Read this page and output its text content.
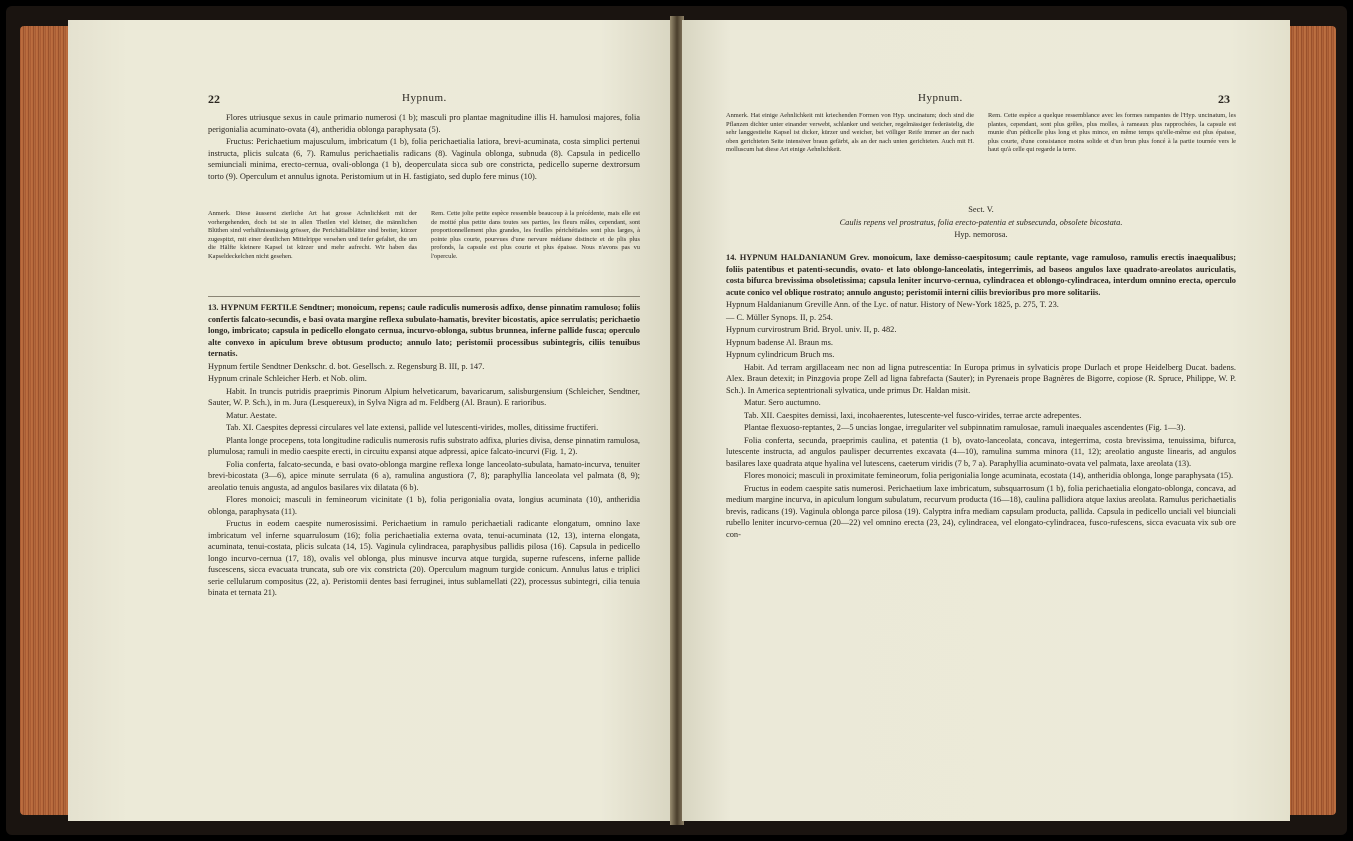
22	Hypnum.

Flores utriusque sexus in caule primario numerosi (1 b); masculi pro plantae magnitudine illis H. hamulosi majores, folia perigonialia acuminato-ovata (4), antheridia oblonga paraphysata (5).

Fructus: Perichaetium majusculum, imbricatum (1 b), folia perichaetialia latiora, brevi-acuminata, costa simplici pertenui instructa, plicis sulcata (6, 7). Ramulus perichaetialis radicans (8). Vaginula oblonga, subnuda (8). Capsula in pedicello semiunciali minima, erecto-cernua, ovali-oblonga (1 b), deoperculata sicca sub ore constricta, pedicello superne dextrorsum torto (9). Operculum et annulus ignota. Peristomium ut in H. fastigiato, sed duplo fere minus (10).

Anmerk. Diese äusserst zierliche Art hat grosse Achnlichkeit mit der vorhergehenden, doch ist sie in allen Theilen viel kleiner, die männlichen Blüthen sind verhältnissmässig grösser, die Perichätialblätter sind breiter, kürzer zugespitzt, mit einer deutlichen Mittelrippe versehen und tiefer gefaltet, die um die Hälfte kleinere Kapsel ist kürzer und mehr aufrecht. Wir haben das Kapseldeckelchen nicht gesehen.
Rem. Cette jolie petite espèce ressemble beaucoup à la précédente, mais elle est de moitié plus petite dans toutes ses parties, les fleurs mâles, cependant, sont proportionnellement plus grandes, les feuilles périchétiales sont plus larges, à pointe plus courte, pourvues d'une nervure médiane distincte et de plis plus profonds, la capsule est plus courte et plus épaisse. Nous n'avons pas vu l'opercule.

13. HYPNUM FERTILE Sendtner; monoicum, repens; caule radiculis numerosis adfixo, dense pinnatim ramuloso; foliis confertis falcato-secundis, e basi ovata margine reflexa subulato-hamatis, breviter bicostatis, apice serrulatis; perichaetio longo, imbricato; capsula in pedicello elongato cernua, incurvo-oblonga, subtus brunnea, inferne pallide fusca; operculo alte convexo in apiculum breve obtusum producto; annulo lato; peristomii processibus subintegris, ciliis tenuibus ternatis.

Hypnum fertile Sendtner Denkschr. d. bot. Gesellsch. z. Regensburg B. III, p. 147.

Hypnum crinale Schleicher Herb. et Nob. olim.

Habit. In truncis putridis praeprimis Pinorum Alpium helveticarum, bavaricarum, salisburgensium (Schleicher, Sendtner, Sauter, W. P. Sch.), in m. Jura (Lesquereux), in Sylva Nigra ad m. Feldberg (Al. Braun). E rarioribus.

Matur. Aestate.

Tab. XI. Caespites depressi circulares vel late extensi, pallide vel lutescenti-virides, molles, ditissime fructiferi.

Planta longe procepens, tota longitudine radiculis numerosis rufis substrato adfixa, pluries divisa, dense pinnatim ramulosa, plumulosa; ramuli in medio caespite erecti, in circuitu expansi atque adpressi, apice falcato-incurvi (Fig. 1, 2).

Folia conferta, falcato-secunda, e basi ovato-oblonga margine reflexa longe lanceolato-subulata, hamato-incurva, tenuiter brevi-bicostata (3—6), apice minute serrulata (6 a), ramulina angustiora (7, 8); paraphyllia lanceolata vel palmata (8, 9); areolatio tenuis angusta, ad angulos basilares vix dilatata (6 b).

Flores monoici; masculi in femineorum vicinitate (1 b), folia perigonialia ovata, longius acuminata (10), antheridia oblonga, paraphysata (11).

Fructus in eodem caespite numerosissimi. Perichaetium in ramulo perichaetiali radicante elongatum, omnino laxe imbricatum vel inferne squarrulosum (16); folia perichaetialia externa ovata, tenui-acuminata (12, 13), interna elongata, acuminata, tenui-costata, plicis sulcata (14, 15). Vaginula cylindracea, paraphysibus pallidis pilosa (16). Capsula in pedicello longo incurvo-cernua (17, 18), ovalis vel oblonga, plus minusve incurva atque turgida, superne rufescens, inferne pallide fuscescens, sicca evacuata truncata, sub ore vix constricta (20). Operculum magnum turgide conicum. Annulus latus e triplici serie cellularum compositus (22, a). Peristomii dentes basi ferruginei, intus sublamellati (22), processus subintegri, cilia tenuia binata et ternata 21).

Hypnum.	23
Anmerk. Hat einige Aehnlichkeit mit kriechenden Formen von Hyp. uncinatum; doch sind die Pflanzen dichter unter einander verwebt, schlanker und weicher, regelmässiger federästelig, die sehr langgestielte Kapsel ist dicker, kürzer und weicher, bei völliger Reife immer an der nach oben gerichteten Seite intensiver braun gefärbt, als an der nach unten gerichteten. Auch mit H. molluscum hat diese Art einige Aehnlichkeit.
Rem. Cette espèce a quelque ressemblance avec les formes rampantes de l'Hyp. uncinatum, les plantes, cependant, sont plus grêles, plus molles, à rameaux plus rapprochées, la capsule est munie d'un pédicelle plus long et plus mince, en même temps qu'elle-même est plus épaisse, plus courte, d'une consistance moins solide et d'un brun plus foncé à la partie tournée vers le haut qu'à celle qui regarde la terre.

Sect. V.

Caulis repens vel prostratus, folia erecto-patentia et subsecunda, obsolete bicostata.

Hyp. nemorosa.

14. HYPNUM HALDANIANUM Grev. monoicum, laxe demisso-caespitosum; caule reptante, vage ramuloso, ramulis erectis inaequalibus; foliis patentibus et patenti-secundis, ovato- et lato oblongo-lanceolatis, integerrimis, ad baseos angulos laxe quadrato-areolatos auriculatis, costa bifurca brevissima obsoletissima; capsula leniter incurvo-cernua, cylindracea et oblongo-cylindracea, interdum omnino erecta, operculo acute conico vel oblique rostrato; annulo angusto; peristomii interni ciliis brevioribus pro more solitariis.

Hypnum Haldanianum Greville Ann. of the Lyc. of natur. History of New-York 1825, p. 275, T. 23.

— C. Müller Synops. II, p. 254.

Hypnum curvirostrum Brid. Bryol. univ. II, p. 482.

Hypnum badense Al. Braun ms.

Hypnum cylindricum Bruch ms.

Habit. Ad terram argillaceam nec non ad ligna putrescentia: In Europa primus in sylvaticis prope Durlach et prope Heidelberg Ducat. badens. Alex. Braun detexit; in Pinzgovia prope Zell ad ligna fabrefacta (Sauter); in Pyrenaeis prope Bagnères de Bigorre, copiose (R. Spruce, Philippe, W. P. Sch.). In America septentrionali sylvatica, unde primus Dr. Haldan misit.

Matur. Sero auctumno.

Tab. XII. Caespites demissi, laxi, incohaerentes, lutescente-vel fusco-virides, terrae arcte adrepentes.

Plantae flexuoso-reptantes, 2—5 uncias longae, irregulariter vel subpinnatim ramulosae, ramuli inaequales ascendentes (Fig. 1—3).

Folia conferta, secunda, praeprimis caulina, et patentia (1 b), ovato-lanceolata, concava, integerrima, costa brevissima, tenuissima, bifurca, lutescente instructa, ad angulos paulisper decurrentes excavata (4—10), ramulina summa minora (11, 12); areolatio anguste linearis, ad angulos basilares laxe quadrata atque hyalina vel lutescens, caeterum viridis (7 b, 7 a). Paraphyllia acuminato-ovata vel palmata, laxe areolata (13).

Flores monoici; masculi in proximitate femineorum, folia perigonialia longe acuminata, ecostata (14), antheridia oblonga, longe paraphysata (15).

Fructus in eodem caespite satis numerosi. Perichaetium laxe imbricatum, subsquarrosum (1 b), folia perichaetialia elongato-oblonga, concava, ad medium margine incurva, in apiculum longum subulatum, recurvum producta (16—18), caulina pallidiora atque laxius areolata. Ramulus perichaetialis brevis, radicans (19). Vaginula oblonga parce pilosa (19). Calyptra infra mediam capsulam producta, pallida. Capsula in pedicello unciali vel biunciali rubello leniter incurvo-cernua (20—22) vel omnino erecta (23, 24), cylindracea, vel elongato-cylindracea, fusco-rufescens, sicca evacuata vix sub ore con-
